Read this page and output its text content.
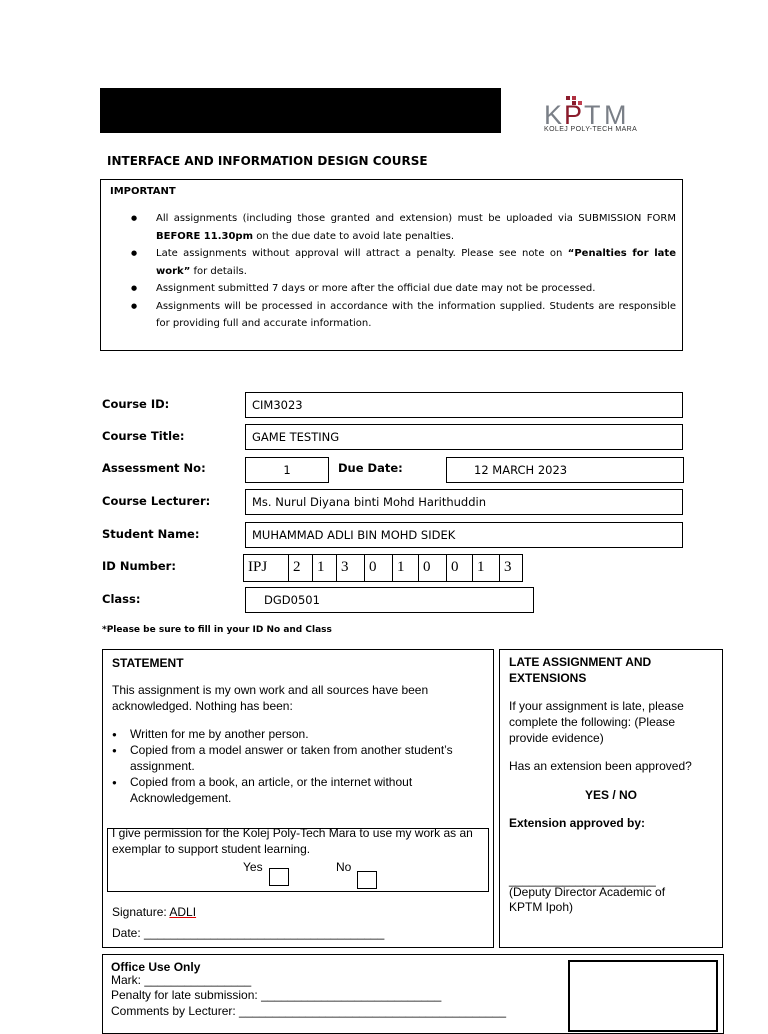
K P T M
KOLEJ POLY-TECH MARA
INTERFACE AND INFORMATION DESIGN COURSE
IMPORTANT
● All assignments (including those granted and extension) must be uploaded via SUBMISSION FORM BEFORE 11.30pm on the due date to avoid late penalties.
● Late assignments without approval will attract a penalty. Please see note on “Penalties for late work” for details.
● Assignment submitted 7 days or more after the official due date may not be processed.
● Assignments will be processed in accordance with the information supplied. Students are responsible for providing full and accurate information.
Course ID:	CIM3023
Course Title:	GAME TESTING
Assessment No:	1	Due Date:	12 MARCH 2023
Course Lecturer:	Ms. Nurul Diyana binti Mohd Harithuddin
Student Name:	MUHAMMAD ADLI BIN MOHD SIDEK
ID Number:	IPJ	2	1	3	0	1	0	0	1	3
Class:	DGD0501
*Please be sure to fill in your ID No and Class
STATEMENT
This assignment is my own work and all sources have been acknowledged. Nothing has been:
● Written for me by another person.
● Copied from a model answer or taken from another student’s assignment.
● Copied from a book, an article, or the internet without Acknowledgement.
I give permission for the Kolej Poly-Tech Mara to use my work as an exemplar to support student learning.
Yes	No
Signature: ADLI
Date: ____________________________________
LATE ASSIGNMENT AND EXTENSIONS
If your assignment is late, please complete the following: (Please provide evidence)
Has an extension been approved?
YES / NO
Extension approved by:
______________________
(Deputy Director Academic of KPTM Ipoh)
Office Use Only
Mark: ________________
Penalty for late submission: ___________________________
Comments by Lecturer: ________________________________________
